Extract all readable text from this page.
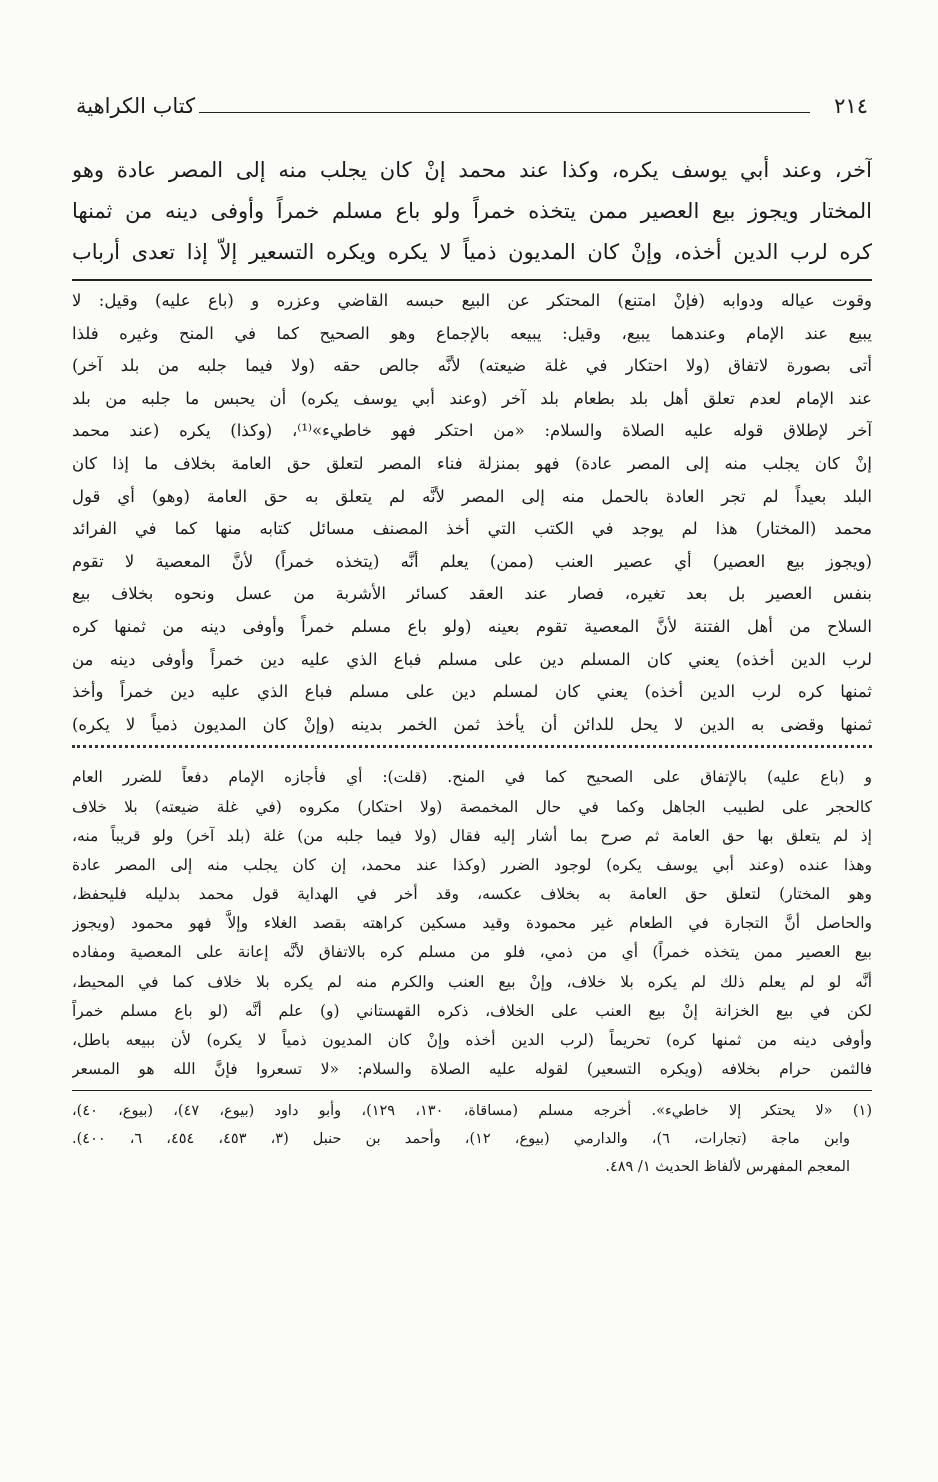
٢١٤
كتاب الكراهية
آخر، وعند أبي يوسف يكره، وكذا عند محمد إنْ كان يجلب منه إلى المصر عادة وهو
المختار ويجوز بيع العصير ممن يتخذه خمراً ولو باع مسلم خمراً وأوفى دينه من ثمنها
كره لرب الدين أخذه، وإنْ كان المديون ذمياً لا يكره ويكره التسعير إلاّ إذا تعدى أرباب
وقوت عياله ودوابه (فإنْ امتنع) المحتكر عن البيع حبسه القاضي وعزره و (باع عليه) وقيل: لا
يبيع عند الإمام وعندهما يبيع، وقيل: يبيعه بالإجماع وهو الصحيح كما في المنح وغيره فلذا
أتى بصورة لاتفاق (ولا احتكار في غلة ضيعته) لأنَّه جالص حقه (ولا فيما جلبه من بلد آخر)
عند الإمام لعدم تعلق أهل بلد بطعام بلد آخر (وعند أبي يوسف يكره) أن يحبس ما جلبه من بلد
آخر لإطلاق قوله عليه الصلاة والسلام: «من احتكر فهو خاطيء»⁽¹⁾، (وكذا) يكره (عند محمد
إنْ كان يجلب منه إلى المصر عادة) فهو بمنزلة فناء المصر لتعلق حق العامة بخلاف ما إذا كان
البلد بعيداً لم تجر العادة بالحمل منه إلى المصر لأنَّه لم يتعلق به حق العامة (وهو) أي قول
محمد (المختار) هذا لم يوجد في الكتب التي أخذ المصنف مسائل كتابه منها كما في الفرائد
(ويجوز بيع العصير) أي عصير العنب (ممن) يعلم أنَّه (يتخذه خمراً) لأنَّ المعصية لا تقوم
بنفس العصير بل بعد تغيره، فصار عند العقد كسائر الأشربة من عسل ونحوه بخلاف بيع
السلاح من أهل الفتنة لأنَّ المعصية تقوم بعينه (ولو باع مسلم خمراً وأوفى دينه من ثمنها كره
لرب الدين أخذه) يعني كان المسلم دين على مسلم فباع الذي عليه دين خمراً وأوفى دينه من
ثمنها كره لرب الدين أخذه) يعني كان لمسلم دين على مسلم فباع الذي عليه دين خمراً وأخذ
ثمنها وقضى به الدين لا يحل للدائن أن يأخذ ثمن الخمر بدينه (وإنْ كان المديون ذمياً لا يكره)
و (باع عليه) بالإتفاق على الصحيح كما في المنح. (قلت): أي فأجازه الإمام دفعاً للضرر العام
كالحجر على لطبيب الجاهل وكما في حال المخمصة (ولا احتكار) مكروه (في غلة ضيعته) بلا خلاف
إذ لم يتعلق بها حق العامة ثم صرح بما أشار إليه فقال (ولا فيما جلبه من) غلة (بلد آخر) ولو قريباً منه،
وهذا عنده (وعند أبي يوسف يكره) لوجود الضرر (وكذا عند محمد، إن كان يجلب منه إلى المصر عادة
وهو المختار) لتعلق حق العامة به بخلاف عكسه، وقد أخر في الهداية قول محمد بدليله فليحفظ،
والحاصل أنَّ التجارة في الطعام غير محمودة وقيد مسكين كراهته بقصد الغلاء وإلاَّ فهو محمود (ويجوز
بيع العصير ممن يتخذه خمراً) أي من ذمي، فلو من مسلم كره بالاتفاق لأنَّه إعانة على المعصية ومفاده
أنَّه لو لم يعلم ذلك لم يكره بلا خلاف، وإنْ بيع العنب والكرم منه لم يكره بلا خلاف كما في المحيط،
لكن في بيع الخزانة إنْ بيع العنب على الخلاف، ذكره القهستاني (و) علم أنَّه (لو باع مسلم خمراً
وأوفى دينه من ثمنها كره) تحريماً (لرب الدين أخذه وإنْ كان المديون ذمياً لا يكره) لأن ببيعه باطل،
فالثمن حرام بخلافه (ويكره التسعير) لقوله عليه الصلاة والسلام: «لا تسعروا فإنَّ الله هو المسعر
(١) «لا يحتكر إلا خاطيء». أخرجه مسلم (مساقاة، ١٣٠، ١٢٩)، وأبو داود (بيوع، ٤٧)، (بيوع، ٤٠)،
وابن ماجة (تجارات، ٦)، والدارمي (بيوع، ١٢)، وأحمد بن حنبل (٣، ٤٥٣، ٤٥٤، ٦، ٤٠٠).
المعجم المفهرس لألفاظ الحديث ١/ ٤٨٩.
